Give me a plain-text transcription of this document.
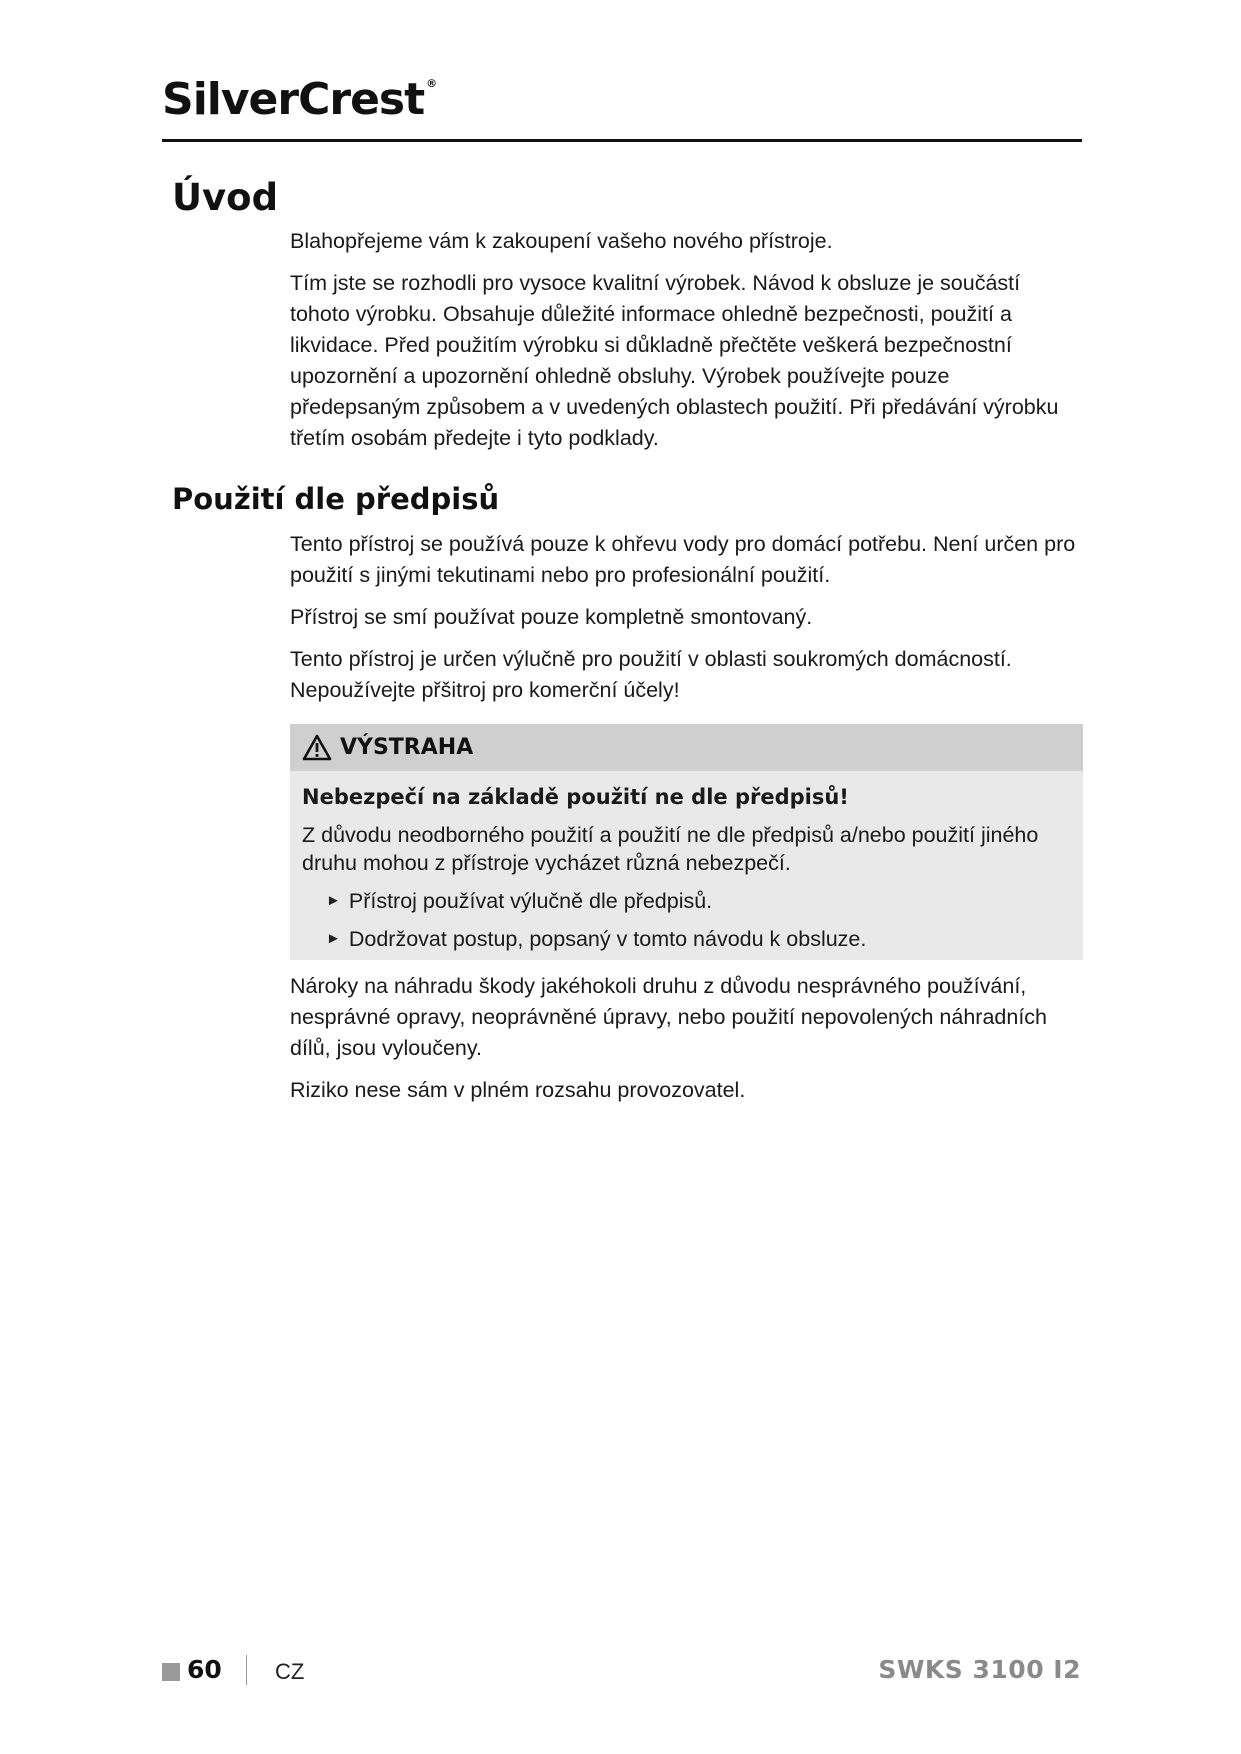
SilverCrest ®
Úvod

Blahopřejeme vám k zakoupení vašeho nového přístroje.

Tím jste se rozhodli pro vysoce kvalitní výrobek. Návod k obsluze je součástí tohoto výrobku. Obsahuje důležité informace ohledně bezpečnosti, použití a likvidace. Před použitím výrobku si důkladně přečtěte veškerá bezpečnostní upozornění a upozornění ohledně obsluhy. Výrobek používejte pouze předepsaným způsobem a v uvedených oblastech použití. Při předávání výrobku třetím osobám předejte i tyto podklady.

Použití dle předpisů

Tento přístroj se používá pouze k ohřevu vody pro domácí potřebu. Není určen pro použití s jinými tekutinami nebo pro profesionální použití.

Přístroj se smí používat pouze kompletně smontovaný.

Tento přístroj je určen výlučně pro použití v oblasti soukromých domácností. Nepoužívejte přšitroj pro komerční účely!

VÝSTRAHA
Nebezpečí na základě použití ne dle předpisů!

Z důvodu neodborného použití a použití ne dle předpisů a/nebo použití jiného druhu mohou z přístroje vycházet různá nebezpečí.

► Přístroj používat výlučně dle předpisů.
► Dodržovat postup, popsaný v tomto návodu k obsluze.

Nároky na náhradu škody jakéhokoli druhu z důvodu nesprávného používání, nesprávné opravy, neoprávněné úpravy, nebo použití nepovolených náhradních dílů, jsou vyloučeny.

Riziko nese sám v plném rozsahu provozovatel.

60 CZ	SWKS 3100 I2
